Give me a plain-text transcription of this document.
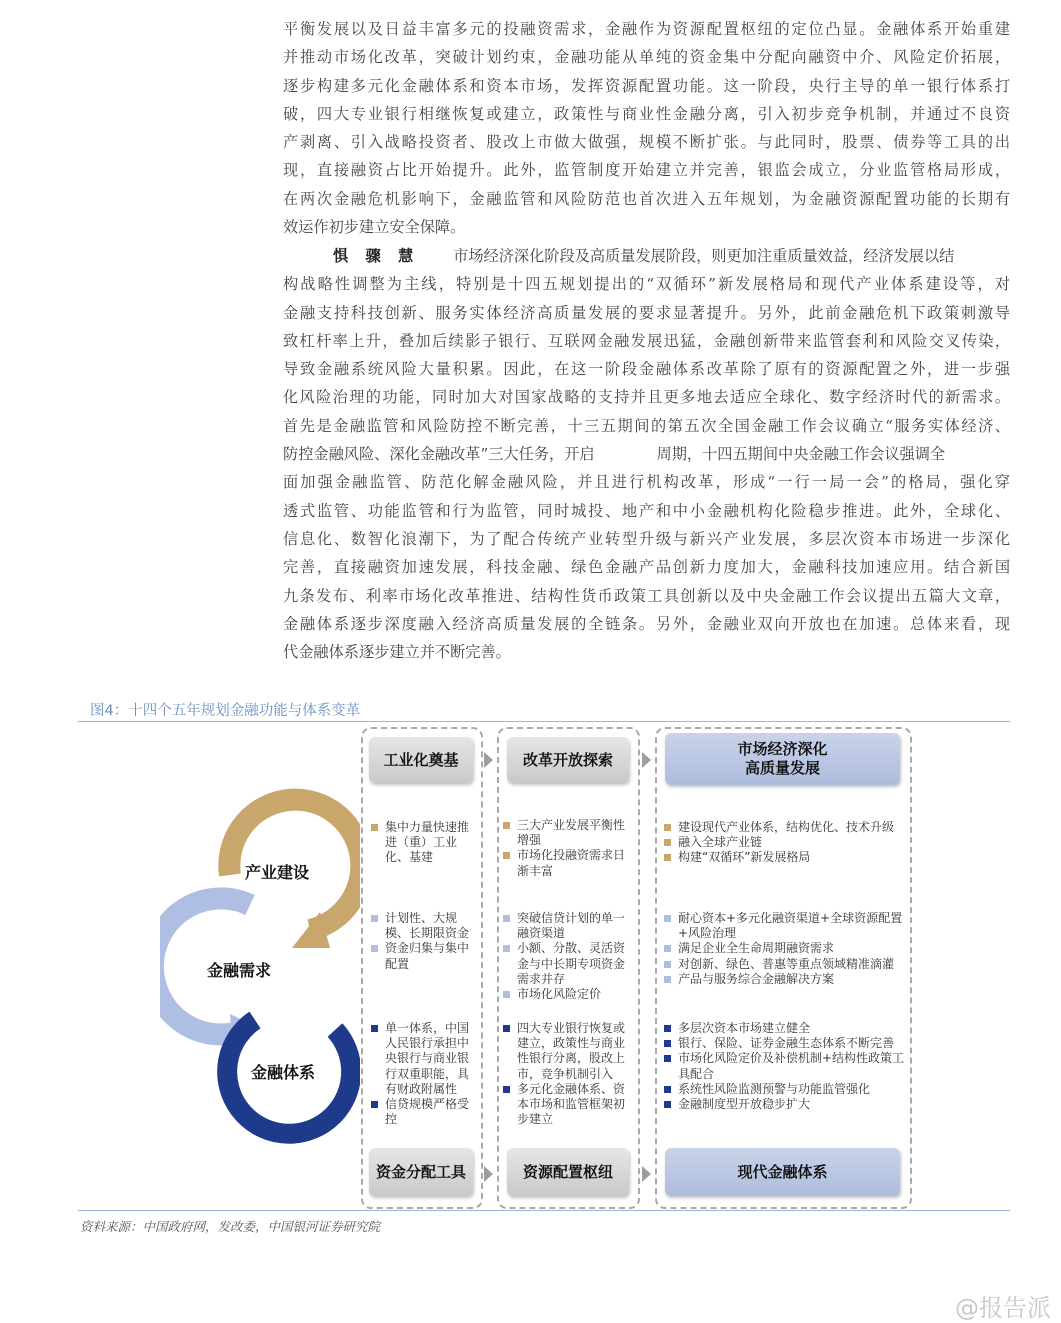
平衡发展以及日益丰富多元的投融资需求，金融作为资源配置枢纽的定位凸显。金融体系开始重建
并推动市场化改革，突破计划约束，金融功能从单纯的资金集中分配向融资中介、风险定价拓展，
逐步构建多元化金融体系和资本市场，发挥资源配置功能。这一阶段，央行主导的单一银行体系打
破，四大专业银行相继恢复或建立，政策性与商业性金融分离，引入初步竞争机制，并通过不良资
产剥离、引入战略投资者、股改上市做大做强，规模不断扩张。与此同时，股票、债券等工具的出
现，直接融资占比开始提升。此外，监管制度开始建立并完善，银监会成立，分业监管格局形成，
在两次金融危机影响下，金融监管和风险防范也首次进入五年规划，为金融资源配置功能的长期有
效运作初步建立安全保障。
惧 骤 慧 市场经济深化阶段及高质量发展阶段，则更加注重质量效益，经济发展以结
构战略性调整为主线，特别是十四五规划提出的“双循环”新发展格局和现代产业体系建设等，对
金融支持科技创新、服务实体经济高质量发展的要求显著提升。另外，此前金融危机下政策刺激导
致杠杆率上升，叠加后续影子银行、互联网金融发展迅猛，金融创新带来监管套利和风险交叉传染，
导致金融系统风险大量积累。因此，在这一阶段金融体系改革除了原有的资源配置之外，进一步强
化风险治理的功能，同时加大对国家战略的支持并且更多地去适应全球化、数字经济时代的新需求。
首先是金融监管和风险防控不断完善，十三五期间的第五次全国金融工作会议确立“服务实体经济、
防控金融风险、深化金融改革”三大任务，开启	周期，十四五期间中央金融工作会议强调全
面加强金融监管、防范化解金融风险，并且进行机构改革，形成“一行一局一会”的格局，强化穿
透式监管、功能监管和行为监管，同时城投、地产和中小金融机构化险稳步推进。此外，全球化、
信息化、数智化浪潮下，为了配合传统产业转型升级与新兴产业发展，多层次资本市场进一步深化
完善，直接融资加速发展，科技金融、绿色金融产品创新力度加大，金融科技加速应用。结合新国
九条发布、利率市场化改革推进、结构性货币政策工具创新以及中央金融工作会议提出五篇大文章，
金融体系逐步深度融入经济高质量发展的全链条。另外，金融业双向开放也在加速。总体来看，现
代金融体系逐步建立并不断完善。
图4：十四个五年规划金融功能与体系变革
产业建设
金融需求
金融体系
工业化奠基	改革开放探索
市场经济深化
高质量发展
资金分配工具	资源配置枢纽	现代金融体系
集中力量快速推进（重）工业化、基建
计划性、大规模、长期限资金
资金归集与集中配置
单一体系，中国人民银行承担中央银行与商业银行双重职能，具有财政附属性
信贷规模严格受控
三大产业发展平衡性增强
市场化投融资需求日渐丰富
突破信贷计划的单一融资渠道
小额、分散、灵活资金与中长期专项资金需求并存
市场化风险定价
四大专业银行恢复或建立，政策性与商业性银行分离，股改上市，竞争机制引入
多元化金融体系、资本市场和监管框架初步建立
建设现代产业体系，结构优化、技术升级
融入全球产业链
构建“双循环”新发展格局
耐心资本+多元化融资渠道+全球资源配置+风险治理
满足企业全生命周期融资需求
对创新、绿色、普惠等重点领域精准滴灌
产品与服务综合金融解决方案
多层次资本市场建立健全
银行、保险、证券金融生态体系不断完善
市场化风险定价及补偿机制+结构性政策工具配合
系统性风险监测预警与功能监管强化
金融制度型开放稳步扩大
资料来源：中国政府网，发改委，中国银河证券研究院
@报告派
